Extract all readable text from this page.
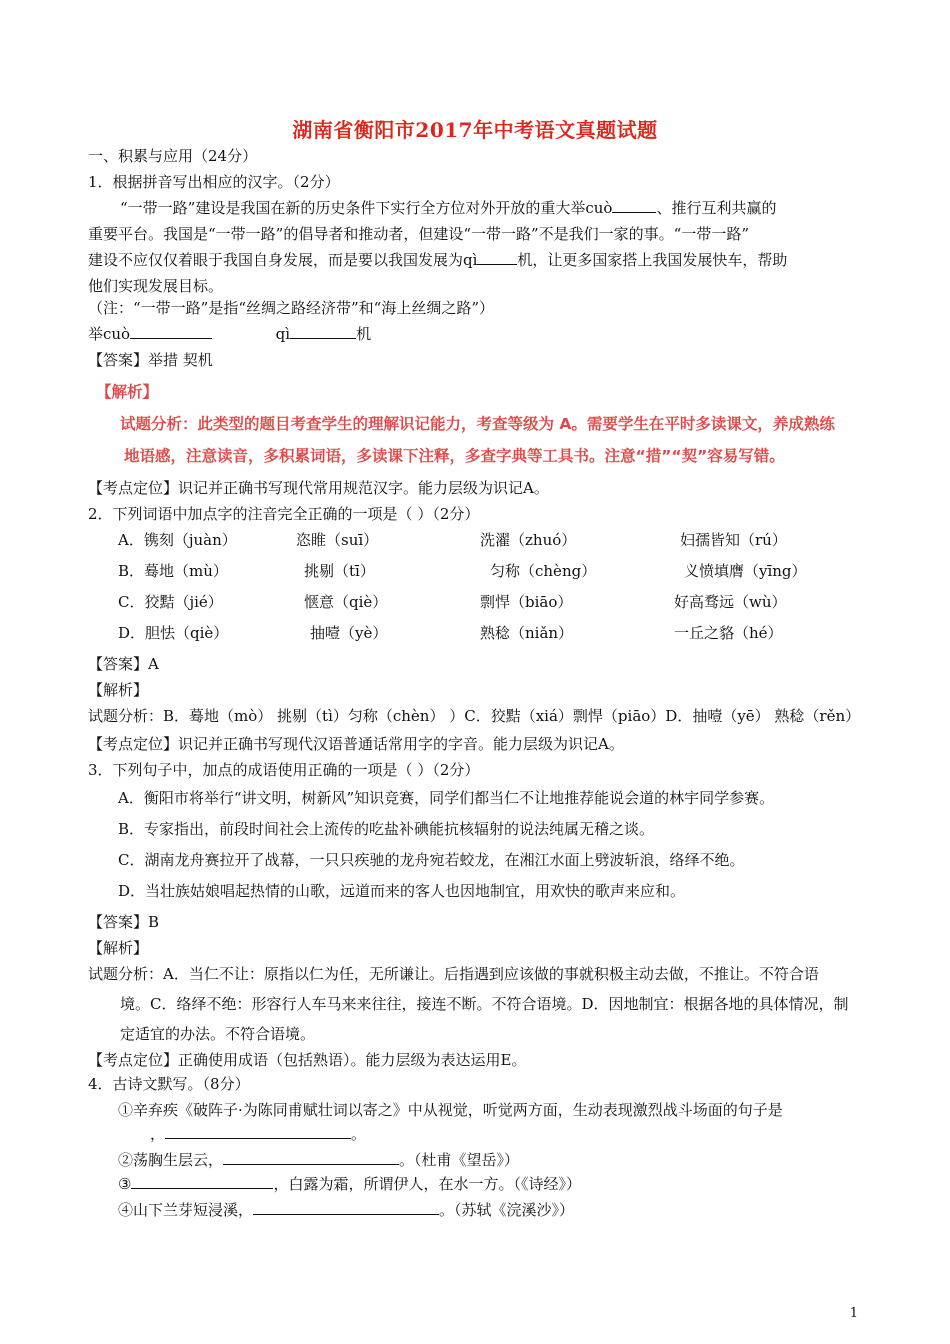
湖南省衡阳市2017年中考语文真题试题
一、积累与应用（24分）
1．根据拼音写出相应的汉字。（2分）
“一带一路”建设是我国在新的历史条件下实行全方位对外开放的重大举cuò	、推行互利共赢的
重要平台。我国是“一带一路”的倡导者和推动者，但建设“一带一路”不是我们一家的事。“一带一路”
建设不应仅仅着眼于我国自身发展，而是要以我国发展为qì	机，让更多国家搭上我国发展快车，帮助
他们实现发展目标。
（注：“一带一路”是指“丝绸之路经济带”和“海上丝绸之路”）
举cuò	qì	机
【答案】举措 契机
【解析】
试题分析：此类型的题目考查学生的理解识记能力，考查等级为 A。需要学生在平时多读课文，养成熟练
地语感，注意读音，多积累词语，多读课下注释，多查字典等工具书。注意“措”“契”容易写错。
【考点定位】识记并正确书写现代常用规范汉字。能力层级为识记A。
2．下列词语中加点字的注音完全正确的一项是（ ）（2分）
A．镌刻（juàn）	恣睢（suī）	洗濯（zhuó）	妇孺皆知（rú）
B．蓦地（mù）	挑剔（tī）	匀称（chèng）	义愤填膺（yīng）
C．狡黠（jié）	惬意（qiè）	剽悍（biāo）	好高骛远（wù）
D．胆怯（qiè）	抽噎（yè）	熟稔（niǎn）	一丘之貉（hé）
【答案】A
【解析】
试题分析：B．蓦地（mò） 挑剔（tì）匀称（chèn） ）C．狡黠（xiá）剽悍（piāo）D．抽噎（yē） 熟稔（rěn）
【考点定位】识记并正确书写现代汉语普通话常用字的字音。能力层级为识记A。
3．下列句子中，加点的成语使用正确的一项是（ ）（2分）
A．衡阳市将举行“讲文明，树新风”知识竞赛，同学们都当仁不让地推荐能说会道的林宇同学参赛。
B．专家指出，前段时间社会上流传的吃盐补碘能抗核辐射的说法纯属无稽之谈。
C．湖南龙舟赛拉开了战幕，一只只疾驰的龙舟宛若蛟龙，在湘江水面上劈波斩浪，络绎不绝。
D．当壮族姑娘唱起热情的山歌，远道而来的客人也因地制宜，用欢快的歌声来应和。
【答案】B
【解析】
试题分析：A．当仁不让：原指以仁为任，无所谦让。后指遇到应该做的事就积极主动去做，不推让。不符合语
境。C．络绎不绝：形容行人车马来来往往，接连不断。不符合语境。D．因地制宜：根据各地的具体情况，制
定适宜的办法。不符合语境。
【考点定位】正确使用成语（包括熟语）。能力层级为表达运用E。
4．古诗文默写。（8分）
①辛弃疾《破阵子·为陈同甫赋壮词以寄之》中从视觉，听觉两方面，生动表现激烈战斗场面的句子是
，	。
②荡胸生层云，	。（杜甫《望岳》）
③	，白露为霜，所谓伊人，在水一方。（《诗经》）
④山下兰芽短浸溪，	。（苏轼《浣溪沙》）
1
